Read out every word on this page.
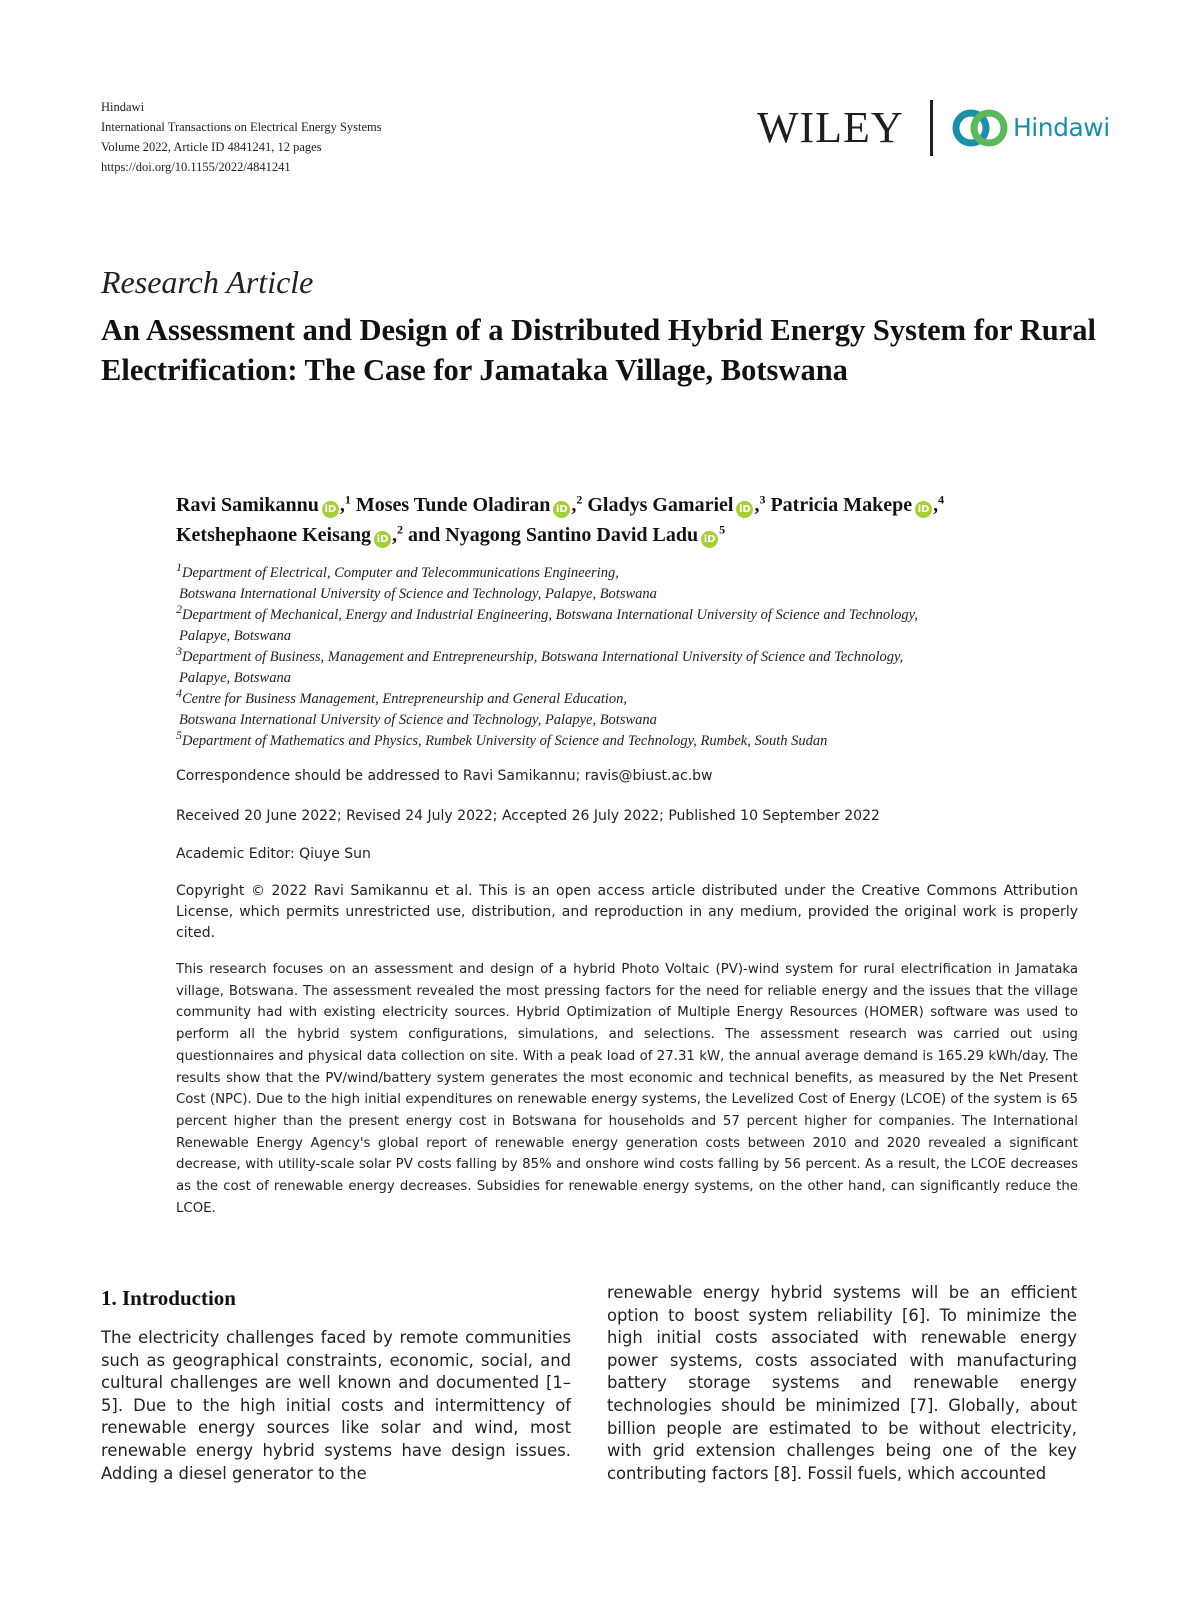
Hindawi
International Transactions on Electrical Energy Systems
Volume 2022, Article ID 4841241, 12 pages
https://doi.org/10.1155/2022/4841241
WILEY	Hindawi
Research Article
An Assessment and Design of a Distributed Hybrid Energy System for Rural Electrification: The Case for Jamataka Village, Botswana
Ravi Samikannu iD ,$^1$ Moses Tunde Oladiran iD ,$^2$ Gladys Gamariel iD ,$^3$ Patricia Makepe iD ,$^4$
Ketshephaone Keisang iD ,$^2$ and Nyagong Santino David Ladu $iD^5$
$^1$Department of Electrical, Computer and Telecommunications Engineering,
Botswana International University of Science and Technology, Palapye, Botswana
$^2$Department of Mechanical, Energy and Industrial Engineering, Botswana International University of Science and Technology,
Palapye, Botswana
$^3$Department of Business, Management and Entrepreneurship, Botswana International University of Science and Technology,
Palapye, Botswana
$^4$Centre for Business Management, Entrepreneurship and General Education,
Botswana International University of Science and Technology, Palapye, Botswana
$^5$Department of Mathematics and Physics, Rumbek University of Science and Technology, Rumbek, South Sudan
Correspondence should be addressed to Ravi Samikannu; ravis@biust.ac.bw
Received 20 June 2022; Revised 24 July 2022; Accepted 26 July 2022; Published 10 September 2022
Academic Editor: Qiuye Sun
Copyright © 2022 Ravi Samikannu et al. This is an open access article distributed under the Creative Commons Attribution License, which permits unrestricted use, distribution, and reproduction in any medium, provided the original work is properly cited.
This research focuses on an assessment and design of a hybrid Photo Voltaic (PV)-wind system for rural electrification in Jamataka village, Botswana. The assessment revealed the most pressing factors for the need for reliable energy and the issues that the village community had with existing electricity sources. Hybrid Optimization of Multiple Energy Resources (HOMER) software was used to perform all the hybrid system configurations, simulations, and selections. The assessment research was carried out using questionnaires and physical data collection on site. With a peak load of 27.31 kW, the annual average demand is 165.29 kWh/day. The results show that the PV/wind/battery system generates the most economic and technical benefits, as measured by the Net Present Cost (NPC). Due to the high initial expenditures on renewable energy systems, the Levelized Cost of Energy (LCOE) of the system is 65 percent higher than the present energy cost in Botswana for households and 57 percent higher for companies. The International Renewable Energy Agency's global report of renewable energy generation costs between 2010 and 2020 revealed a significant decrease, with utility-scale solar PV costs falling by 85% and onshore wind costs falling by 56 percent. As a result, the LCOE decreases as the cost of renewable energy decreases. Subsidies for renewable energy systems, on the other hand, can significantly reduce the LCOE.
1. Introduction
The electricity challenges faced by remote communities such as geographical constraints, economic, social, and cultural challenges are well known and documented [1–5]. Due to the high initial costs and intermittency of renewable energy sources like solar and wind, most renewable energy hybrid systems have design issues. Adding a diesel generator to the
renewable energy hybrid systems will be an efficient option to boost system reliability [6]. To minimize the high initial costs associated with renewable energy power systems, costs associated with manufacturing battery storage systems and renewable energy technologies should be minimized [7]. Globally, about billion people are estimated to be without electricity, with grid extension challenges being one of the key contributing factors [8]. Fossil fuels, which accounted
